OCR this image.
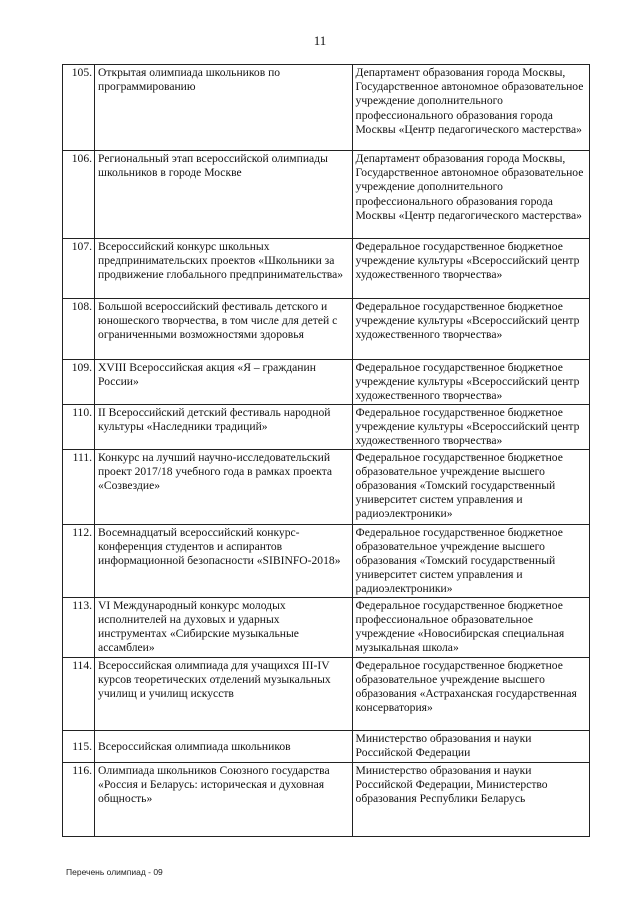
11
105.	Открытая олимпиада школьников по программированию	Департамент образования города Москвы, Государственное автономное образовательное учреждение дополнительного профессионального образования города Москвы «Центр педагогического мастерства»
106.	Региональный этап всероссийской олимпиады школьников в городе Москве	Департамент образования города Москвы, Государственное автономное образовательное учреждение дополнительного профессионального образования города Москвы «Центр педагогического мастерства»
107.	Всероссийский конкурс школьных предпринимательских проектов «Школьники за продвижение глобального предпринимательства»	Федеральное государственное бюджетное учреждение культуры «Всероссийский центр художественного творчества»
108.	Большой всероссийский фестиваль детского и юношеского творчества, в том числе для детей с ограниченными возможностями здоровья	Федеральное государственное бюджетное учреждение культуры «Всероссийский центр художественного творчества»
109.	XVIII Всероссийская акция «Я – гражданин России»	Федеральное государственное бюджетное учреждение культуры «Всероссийский центр художественного творчества»
110.	II Всероссийский детский фестиваль народной культуры «Наследники традиций»	Федеральное государственное бюджетное учреждение культуры «Всероссийский центр художественного творчества»
111.	Конкурс на лучший научно-исследовательский проект 2017/18 учебного года в рамках проекта «Созвездие»	Федеральное государственное бюджетное образовательное учреждение высшего образования «Томский государственный университет систем управления и радиоэлектроники»
112.	Восемнадцатый всероссийский конкурс-конференция студентов и аспирантов информационной безопасности «SIBINFO-2018»	Федеральное государственное бюджетное образовательное учреждение высшего образования «Томский государственный университет систем управления и радиоэлектроники»
113.	VI Международный конкурс молодых исполнителей на духовых и ударных инструментах «Сибирские музыкальные ассамблеи»	Федеральное государственное бюджетное профессиональное образовательное учреждение «Новосибирская специальная музыкальная школа»
114.	Всероссийская олимпиада для учащихся III-IV курсов теоретических отделений музыкальных училищ и училищ искусств	Федеральное государственное бюджетное образовательное учреждение высшего образования «Астраханская государственная консерватория»
115.	Всероссийская олимпиада школьников	Министерство образования и науки Российской Федерации
116.	Олимпиада школьников Союзного государства «Россия и Беларусь: историческая и духовная общность»	Министерство образования и науки Российской Федерации, Министерство образования Республики Беларусь
Перечень олимпиад - 09
